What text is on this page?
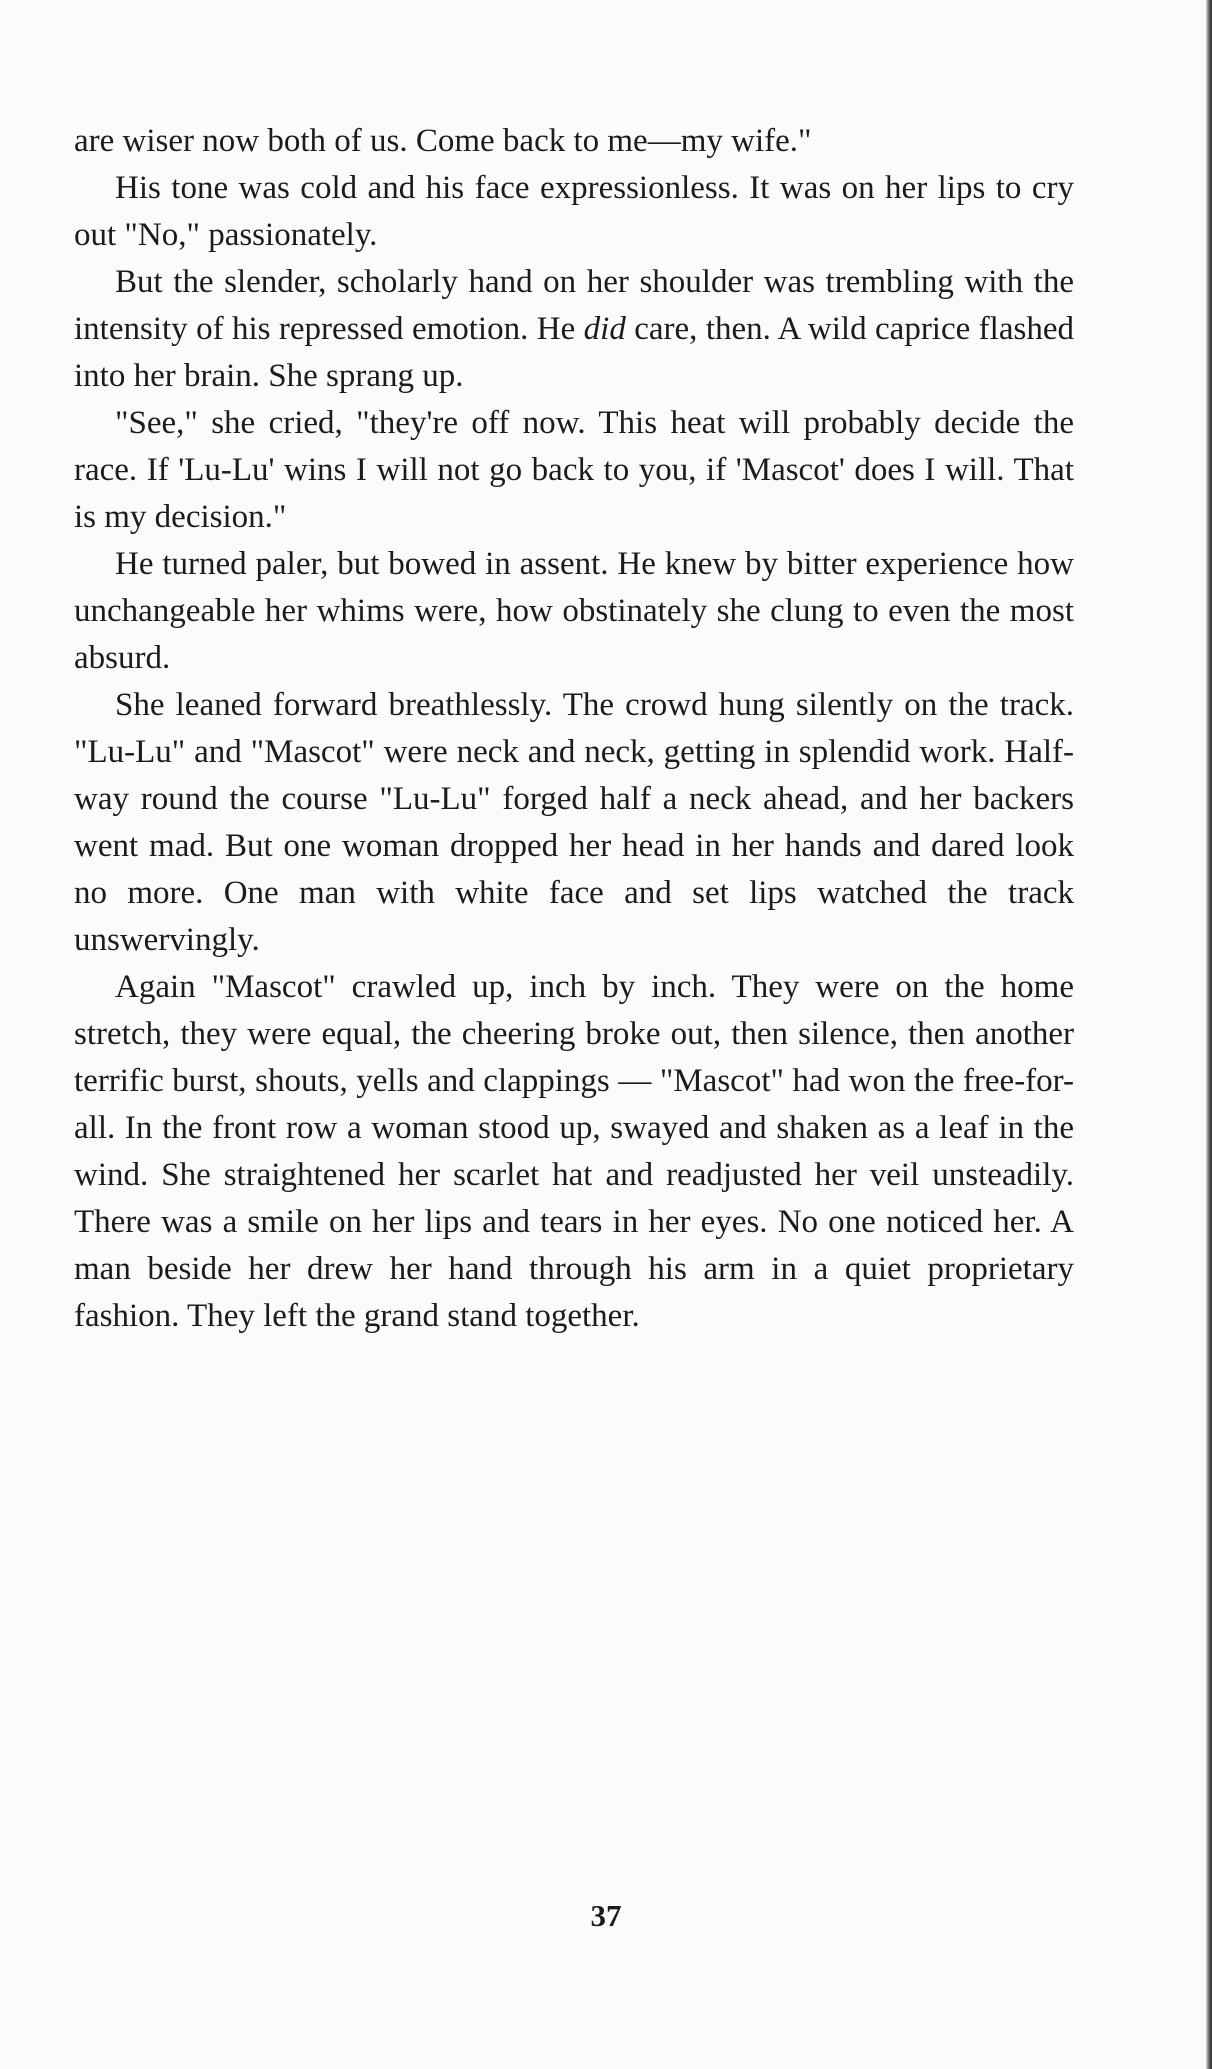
are wiser now both of us. Come back to me—my wife."

His tone was cold and his face expressionless. It was on her lips to cry out "No," passionately.

But the slender, scholarly hand on her shoulder was trembling with the intensity of his repressed emotion. He did care, then. A wild caprice flashed into her brain. She sprang up.

"See," she cried, "they're off now. This heat will probably decide the race. If 'Lu-Lu' wins I will not go back to you, if 'Mascot' does I will. That is my decision."

He turned paler, but bowed in assent. He knew by bitter experience how unchangeable her whims were, how obstinately she clung to even the most absurd.

She leaned forward breathlessly. The crowd hung silently on the track. "Lu-Lu" and "Mascot" were neck and neck, getting in splendid work. Half-way round the course "Lu-Lu" forged half a neck ahead, and her backers went mad. But one woman dropped her head in her hands and dared look no more. One man with white face and set lips watched the track unswervingly.

Again "Mascot" crawled up, inch by inch. They were on the home stretch, they were equal, the cheering broke out, then silence, then another terrific burst, shouts, yells and clappings — "Mascot" had won the free-for-all. In the front row a woman stood up, swayed and shaken as a leaf in the wind. She straightened her scarlet hat and readjusted her veil unsteadily. There was a smile on her lips and tears in her eyes. No one noticed her. A man beside her drew her hand through his arm in a quiet proprietary fashion. They left the grand stand together.

37
